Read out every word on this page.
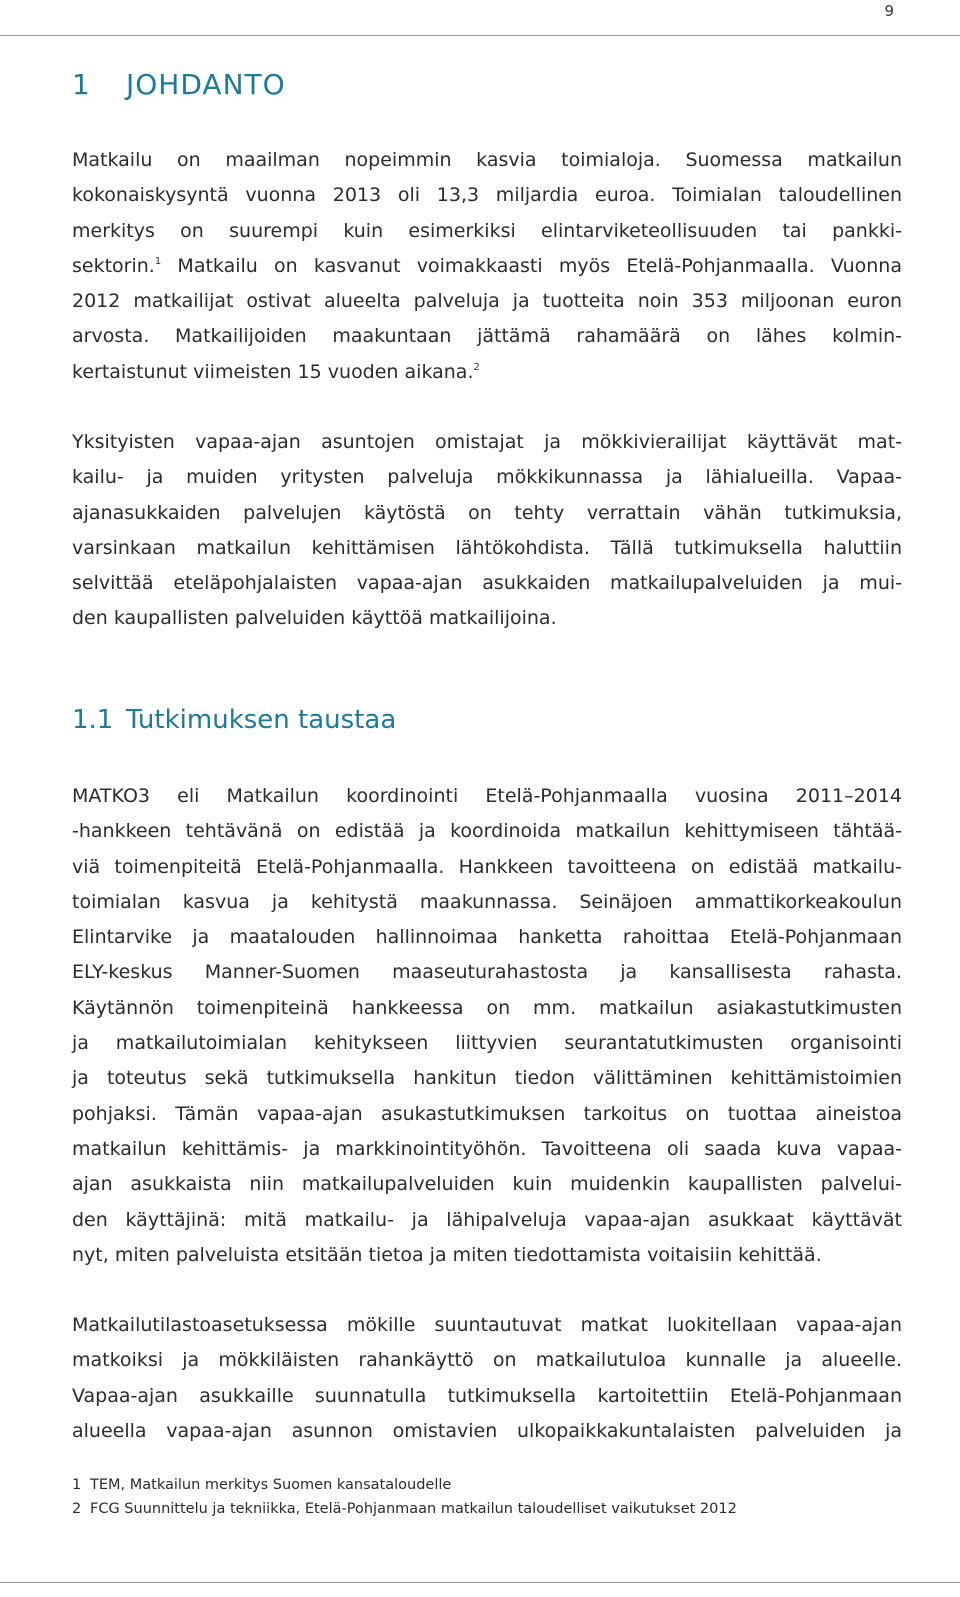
9
1 JOHDANTO

Matkailu on maailman nopeimmin kasvia toimialoja. Suomessa matkailun
kokonaiskysyntä vuonna 2013 oli 13,3 miljardia euroa. Toimialan taloudellinen
merkitys on suurempi kuin esimerkiksi elintarviketeollisuuden tai pankki-
sektorin.$^1$ Matkailu on kasvanut voimakkaasti myös Etelä-Pohjanmaalla. Vuonna
2012 matkailijat ostivat alueelta palveluja ja tuotteita noin 353 miljoonan euron
arvosta. Matkailijoiden maakuntaan jättämä rahamäärä on lähes kolmin-
kertaistunut viimeisten 15 vuoden aikana.$^2$

Yksityisten vapaa-ajan asuntojen omistajat ja mökkivierailijat käyttävät mat-
kailu- ja muiden yritysten palveluja mökkikunnassa ja lähialueilla. Vapaa-
ajanasukkaiden palvelujen käytöstä on tehty verrattain vähän tutkimuksia,
varsinkaan matkailun kehittämisen lähtökohdista. Tällä tutkimuksella haluttiin
selvittää eteläpohjalaisten vapaa-ajan asukkaiden matkailupalveluiden ja mui-
den kaupallisten palveluiden käyttöä matkailijoina.

1.1 Tutkimuksen taustaa

MATKO3 eli Matkailun koordinointi Etelä-Pohjanmaalla vuosina 2011–2014
-hankkeen tehtävänä on edistää ja koordinoida matkailun kehittymiseen tähtää-
viä toimenpiteitä Etelä-Pohjanmaalla. Hankkeen tavoitteena on edistää matkailu-
toimialan kasvua ja kehitystä maakunnassa. Seinäjoen ammattikorkeakoulun
Elintarvike ja maatalouden hallinnoimaa hanketta rahoittaa Etelä-Pohjanmaan
ELY-keskus Manner-Suomen maaseuturahastosta ja kansallisesta rahasta.
Käytännön toimenpiteinä hankkeessa on mm. matkailun asiakastutkimusten
ja matkailutoimialan kehitykseen liittyvien seurantatutkimusten organisointi
ja toteutus sekä tutkimuksella hankitun tiedon välittäminen kehittämistoimien
pohjaksi. Tämän vapaa-ajan asukastutkimuksen tarkoitus on tuottaa aineistoa
matkailun kehittämis- ja markkinointityöhön. Tavoitteena oli saada kuva vapaa-
ajan asukkaista niin matkailupalveluiden kuin muidenkin kaupallisten palvelui-
den käyttäjinä: mitä matkailu- ja lähipalveluja vapaa-ajan asukkaat käyttävät
nyt, miten palveluista etsitään tietoa ja miten tiedottamista voitaisiin kehittää.

Matkailutilastoasetuksessa mökille suuntautuvat matkat luokitellaan vapaa-ajan
matkoiksi ja mökkiläisten rahankäyttö on matkailutuloa kunnalle ja alueelle.
Vapaa-ajan asukkaille suunnatulla tutkimuksella kartoitettiin Etelä-Pohjanmaan
alueella vapaa-ajan asunnon omistavien ulkopaikkakuntalaisten palveluiden ja

1 TEM, Matkailun merkitys Suomen kansataloudelle
2 FCG Suunnittelu ja tekniikka, Etelä-Pohjanmaan matkailun taloudelliset vaikutukset 2012
